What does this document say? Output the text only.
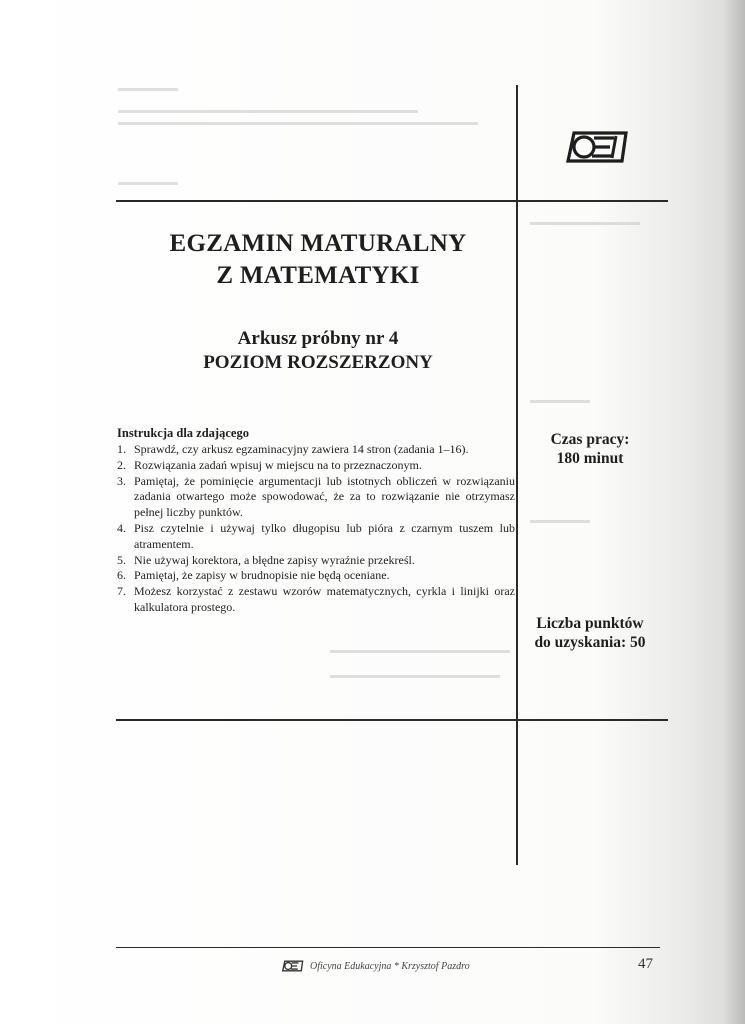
EGZAMIN MATURALNY
Z MATEMATYKI
Arkusz próbny nr 4
POZIOM ROZSZERZONY
Instrukcja dla zdającego
1. Sprawdź, czy arkusz egzaminacyjny zawiera 14 stron (zadania 1–16).
2. Rozwiązania zadań wpisuj w miejscu na to przeznaczonym.
3. Pamiętaj, że pominięcie argumentacji lub istotnych obliczeń w rozwiązaniu zadania otwartego może spowodować, że za to rozwiązanie nie otrzymasz pełnej liczby punktów.
4. Pisz czytelnie i używaj tylko długopisu lub pióra z czarnym tuszem lub atramentem.
5. Nie używaj korektora, a błędne zapisy wyraźnie przekreśl.
6. Pamiętaj, że zapisy w brudnopisie nie będą oceniane.
7. Możesz korzystać z zestawu wzorów matematycznych, cyrkla i linijki oraz kalkulatora prostego.
Czas pracy:
180 minut
Liczba punktów
do uzyskania: 50
Oficyna Edukacyjna * Krzysztof Pazdro	47
